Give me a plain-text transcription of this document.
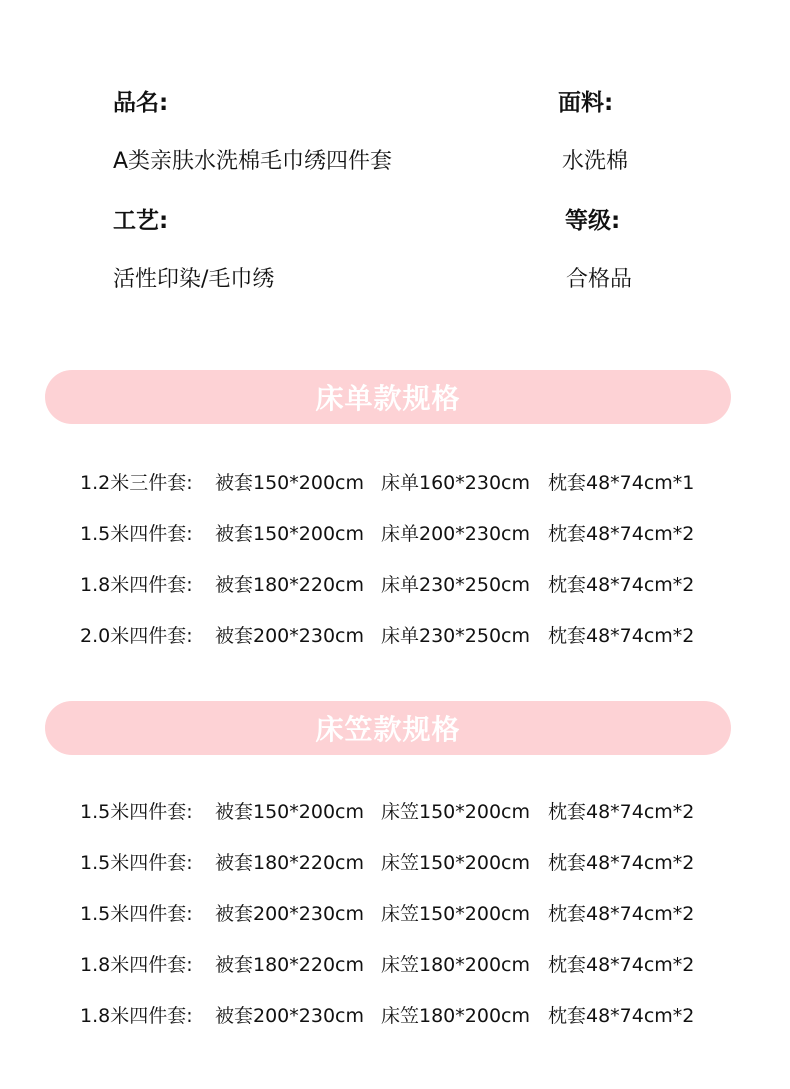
品名:	面料:
A类亲肤水洗棉毛巾绣四件套	水洗棉
工艺:	等级:
活性印染/毛巾绣	合格品
床单款规格
1.2米三件套: 被套150*200cm 床单160*230cm 枕套48*74cm*1
1.5米四件套: 被套150*200cm 床单200*230cm 枕套48*74cm*2
1.8米四件套: 被套180*220cm 床单230*250cm 枕套48*74cm*2
2.0米四件套: 被套200*230cm 床单230*250cm 枕套48*74cm*2
床笠款规格
1.5米四件套: 被套150*200cm 床笠150*200cm 枕套48*74cm*2
1.5米四件套: 被套180*220cm 床笠150*200cm 枕套48*74cm*2
1.5米四件套: 被套200*230cm 床笠150*200cm 枕套48*74cm*2
1.8米四件套: 被套180*220cm 床笠180*200cm 枕套48*74cm*2
1.8米四件套: 被套200*230cm 床笠180*200cm 枕套48*74cm*2
